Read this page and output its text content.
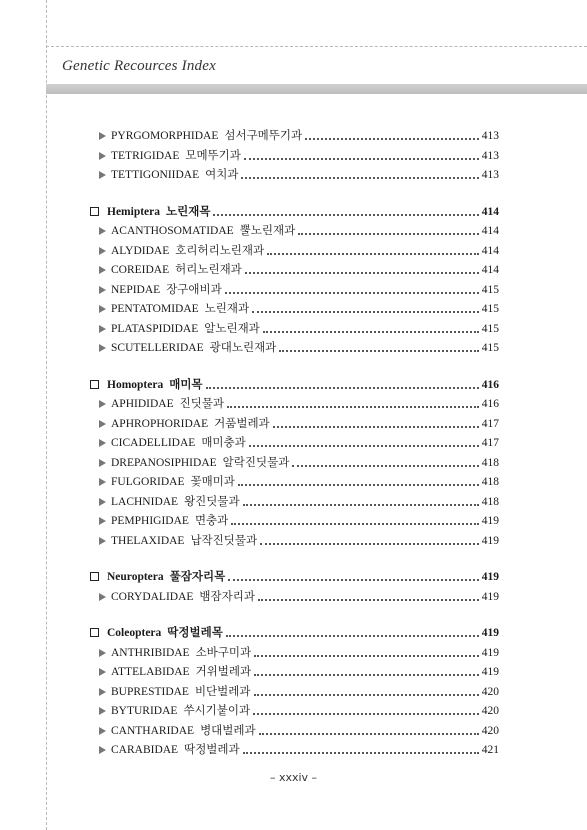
Genetic Recources Index
PYRGOMORPHIDAE 섬서구메뚜기과	413
TETRIGIDAE 모메뚜기과	413
TETTIGONIIDAE 여치과	413
Hemiptera 노린재목	414
ACANTHOSOMATIDAE 뿔노린재과	414
ALYDIDAE 호리허리노린재과	414
COREIDAE 허리노린재과	414
NEPIDAE 장구애비과	415
PENTATOMIDAE 노린재과	415
PLATASPIDIDAE 알노린재과	415
SCUTELLERIDAE 광대노린재과	415
Homoptera 매미목	416
APHIDIDAE 진딧물과	416
APHROPHORIDAE 거품벌레과	417
CICADELLIDAE 매미충과	417
DREPANOSIPHIDAE 알락진딧물과	418
FULGORIDAE 꽃매미과	418
LACHNIDAE 왕진딧물과	418
PEMPHIGIDAE 면충과	419
THELAXIDAE 납작진딧물과	419
Neuroptera 풀잠자리목	419
CORYDALIDAE 뱀잠자리과	419
Coleoptera 딱정벌레목	419
ANTHRIBIDAE 소바구미과	419
ATTELABIDAE 거위벌레과	419
BUPRESTIDAE 비단벌레과	420
BYTURIDAE 쑤시기붙이과	420
CANTHARIDAE 병대벌레과	420
CARABIDAE 딱정벌레과	421
– xxxiv –
